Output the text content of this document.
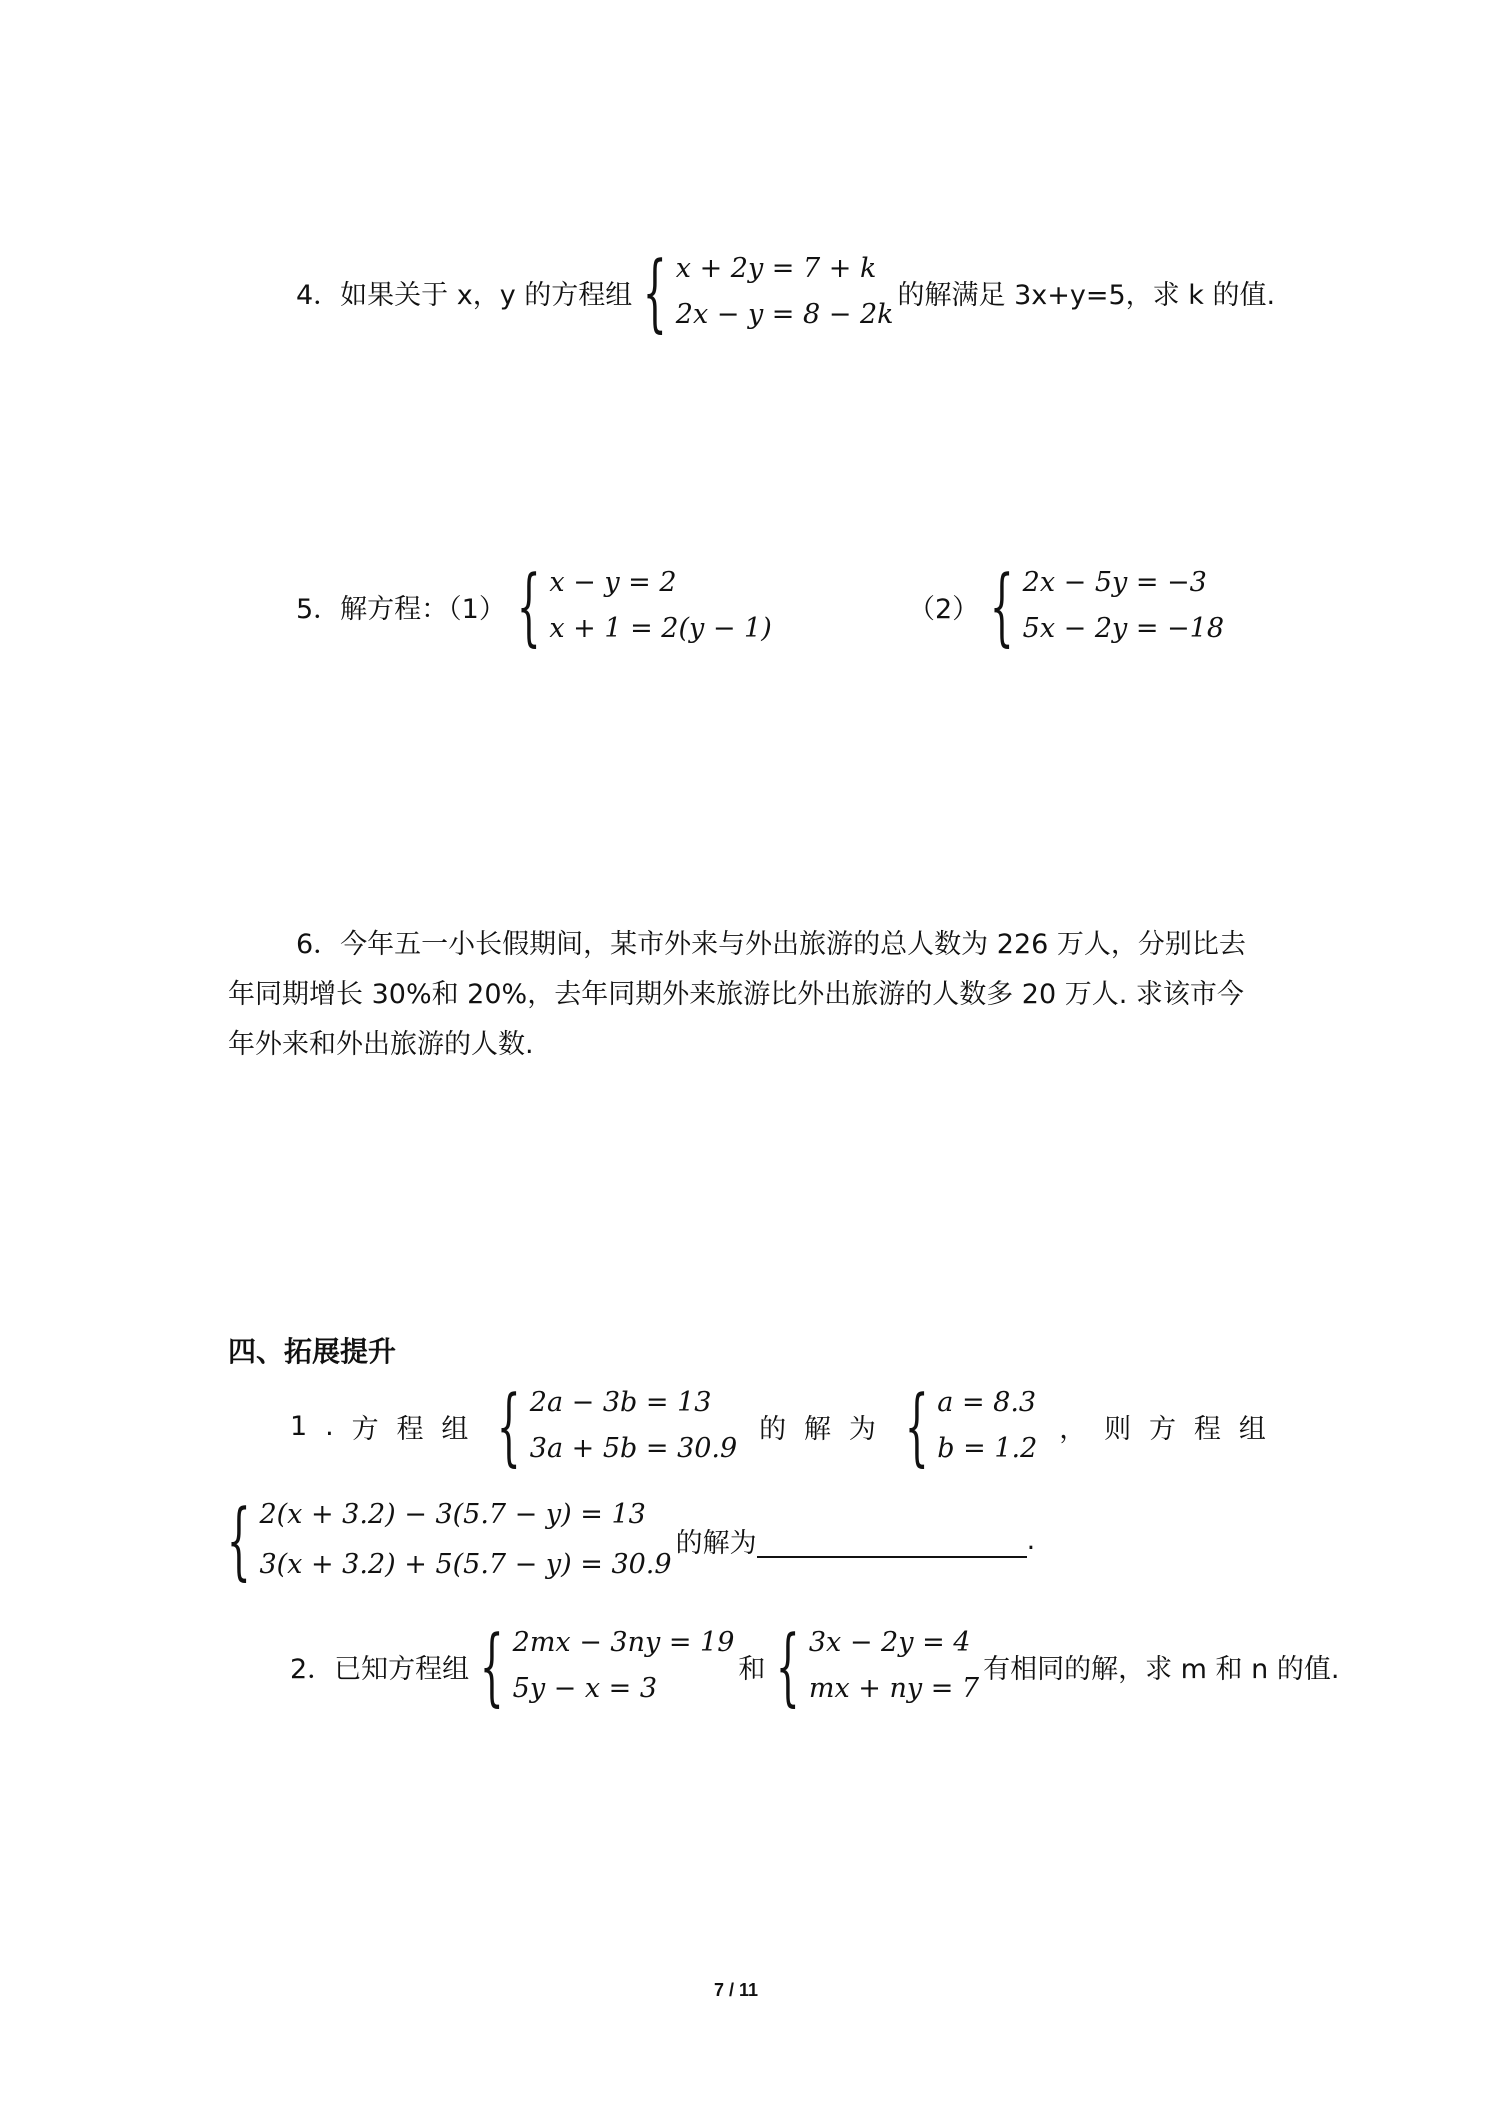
4．如果关于 x，y 的方程组 { x + 2y = 7 + k
2x − y = 8 − 2k
的解满足 3x+y=5，求 k 的值.
5．解方程：（1） { x − y = 2
x + 1 = 2(y − 1)
（2） { 2x − 5y = −3
5x − 2y = −18
6．今年五一小长假期间，某市外来与外出旅游的总人数为 226 万人，分别比去年同期增长 30%和 20%，去年同期外来旅游比外出旅游的人数多 20 万人. 求该市今年外来和外出旅游的人数.
四、拓展提升
1 . 方 程 组 { 2a − 3b = 13
3a + 5b = 30.9
的 解 为 { a = 8.3
b = 1.2
， 则 方 程 组
{ 2(x + 3.2) − 3(5.7 − y) = 13
3(x + 3.2) + 5(5.7 − y) = 30.9
的解为	.
2．已知方程组 { 2mx − 3ny = 19
5y − x = 3
和 { 3x − 2y = 4
mx + ny = 7
有相同的解，求 m 和 n 的值.
7 / 11
